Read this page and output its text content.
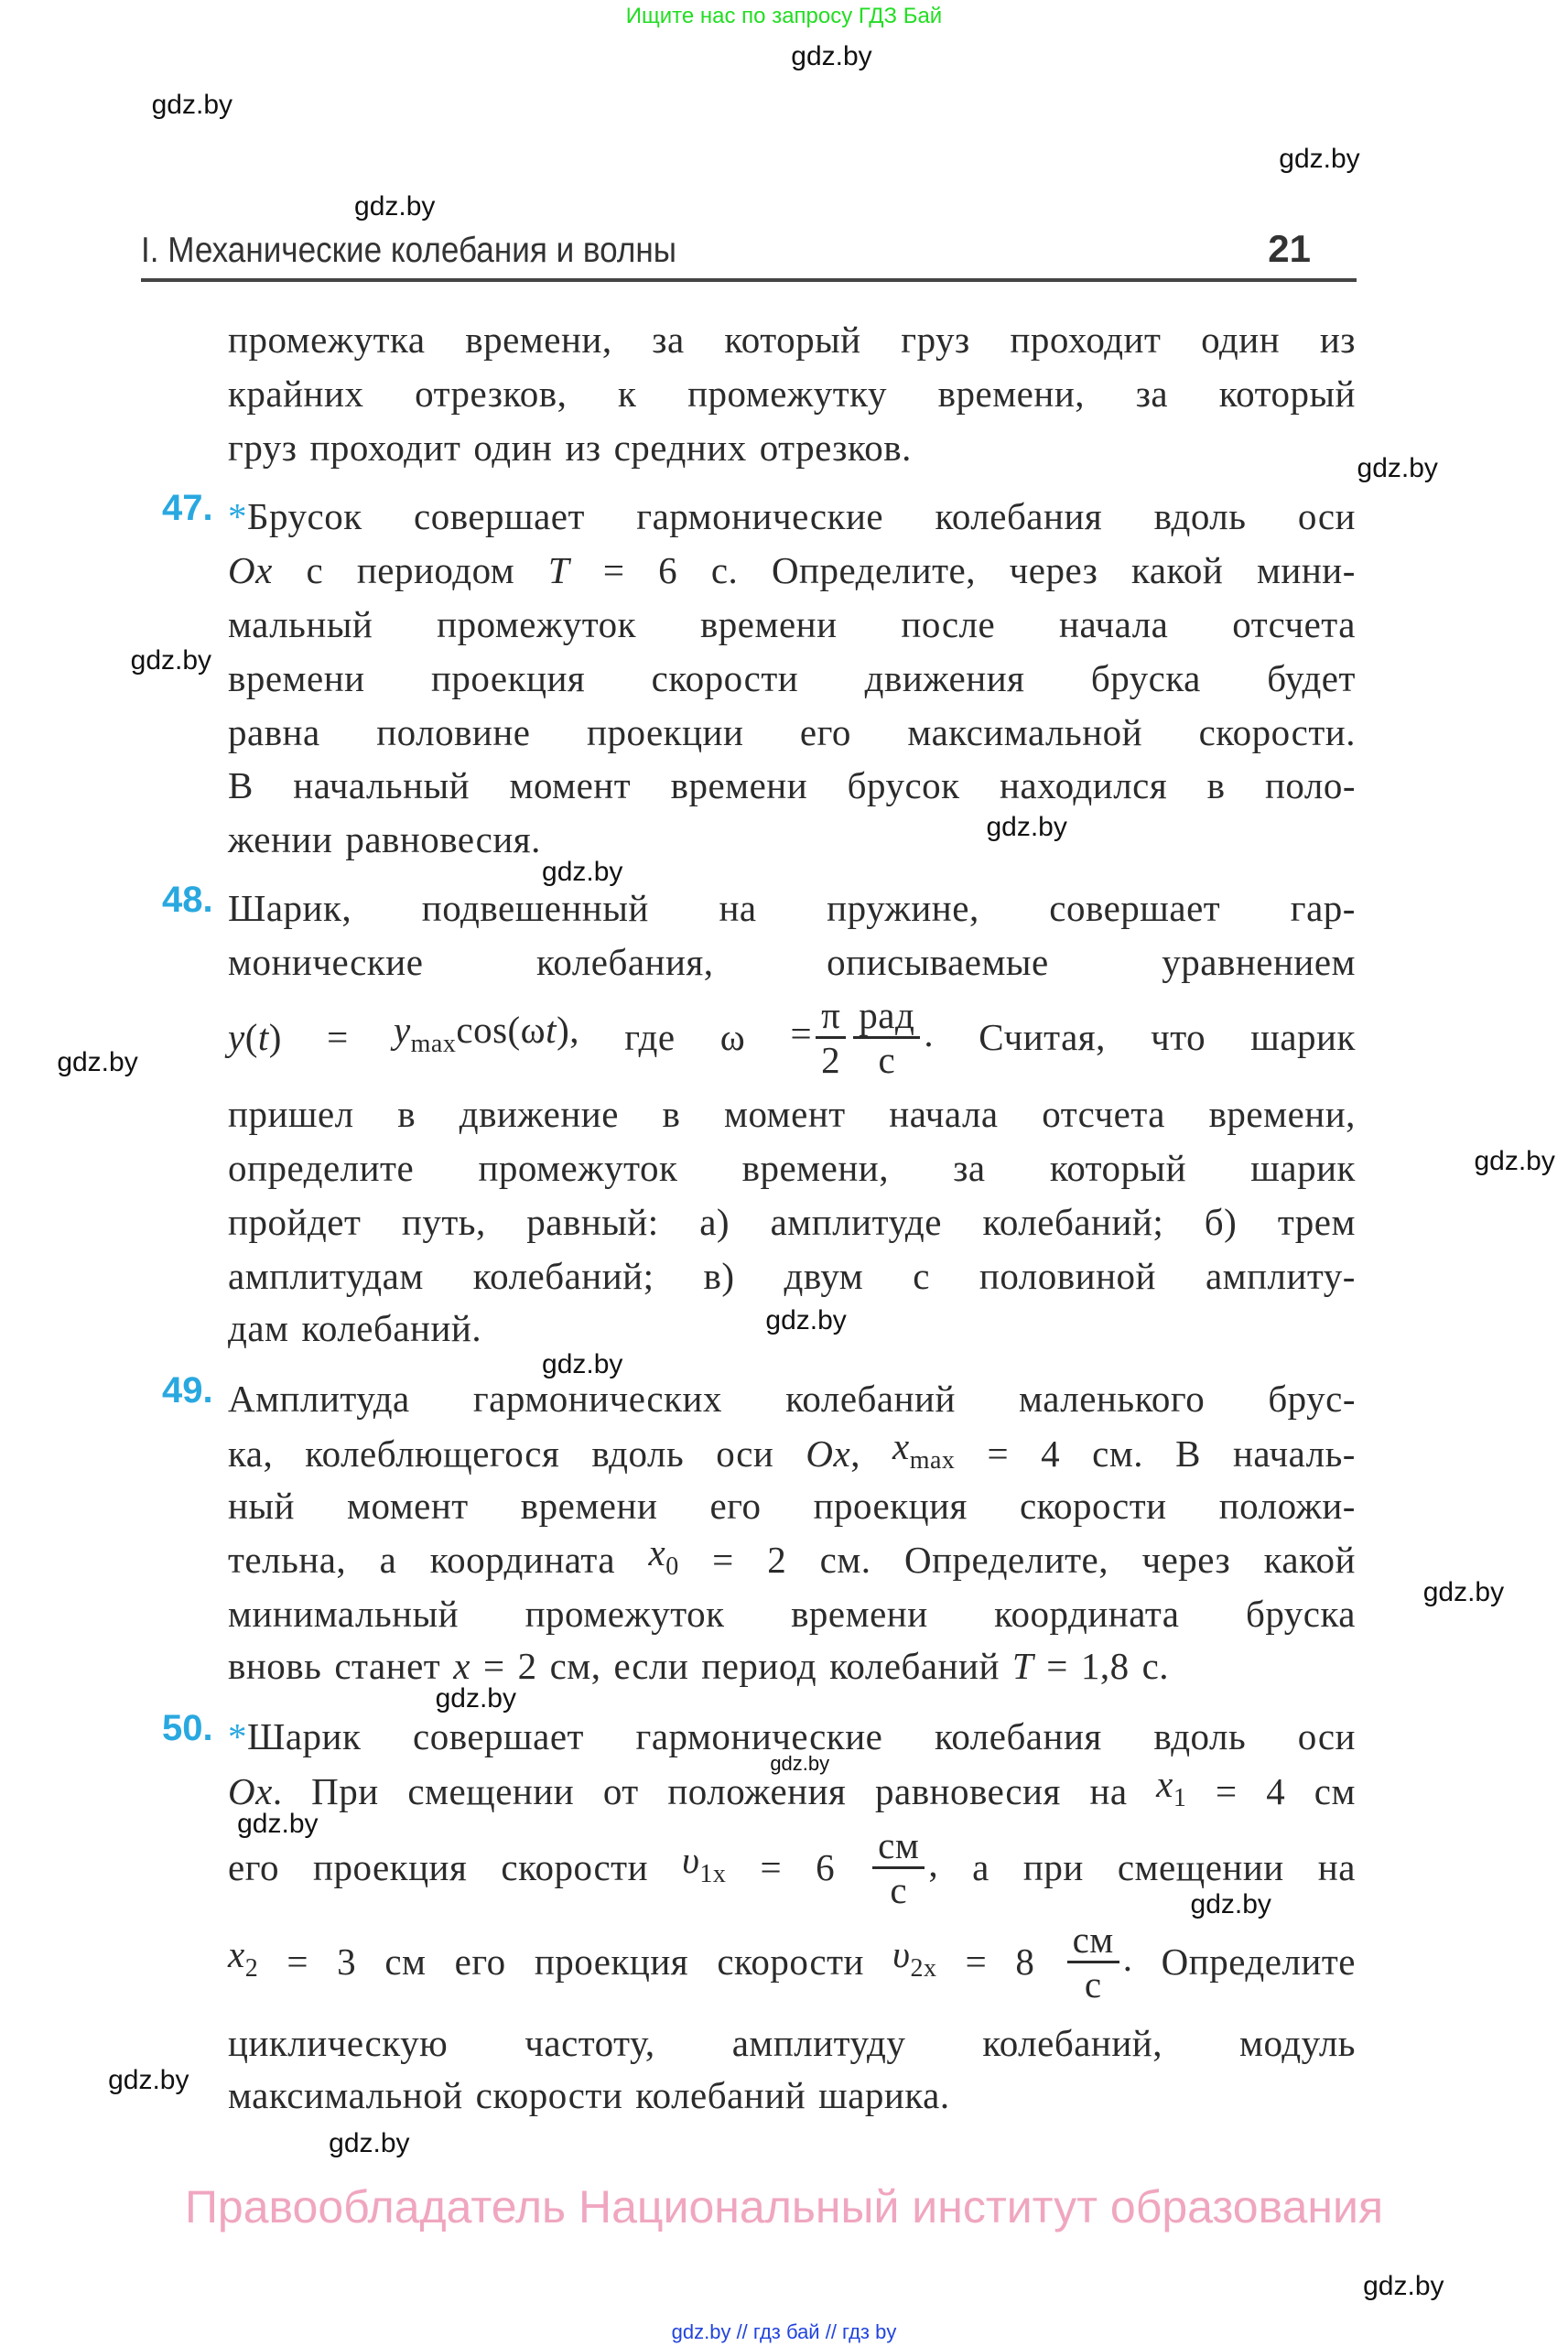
Ищите нас по запросу ГДЗ Бай
I. Механические колебания и волны	21
47.
48.
49.
50.
промежутка времени, за который груз проходит один из
крайних отрезков, к промежутку времени, за который
груз проходит один из средних отрезков.
*Брусок совершает гармонические колебания вдоль оси
Ox с периодом T = 6 с. Определите, через какой мини-
мальный промежуток времени после начала отсчета
времени проекция скорости движения бруска будет
равна половине проекции его максимальной скорости.
В начальный момент времени брусок находился в поло-
жении равновесия.
Шарик, подвешенный на пружине, совершает гар-
монические	колебания,	описываемые	уравнением
$y(t) = y_{max}\cos(\omega t)$, где $\omega = \frac{\pi}{2} \frac{\text{рад}}{с}$ . Считая, что шарик
пришел в движение в момент начала отсчета времени,
определите промежуток времени, за который шарик
пройдет путь, равный: а) амплитуде колебаний; б) трем
амплитудам колебаний; в) двум с половиной амплиту-
дам колебаний.
Амплитуда гармонических колебаний маленького брус-
ка, колеблющегося вдоль оси Ox, $x_{max} = 4$ см. В началь-
ный момент времени его проекция скорости положи-
тельна, а координата $x_0 = 2$ см. Определите, через какой
минимальный промежуток времени координата бруска
вновь станет x = 2 см, если период колебаний T = 1,8 с.
*Шарик совершает гармонические колебания вдоль оси
Ox. При смещении от положения равновесия на $x_1 = 4$ см
его проекция скорости $\upsilon_{1x} = 6 \frac{см}{с}$ , а при смещении на
$x_2 = 3$ см его проекция скорости $\upsilon_{2x} = 8 \frac{см}{с}$ . Определите
циклическую частоту, амплитуду колебаний, модуль
максимальной скорости колебаний шарика.
gdz.by
gdz.by
gdz.by
gdz.by
gdz.by
gdz.by
gdz.by
gdz.by
gdz.by
gdz.by
gdz.by
gdz.by
gdz.by
gdz.by
gdz.by
gdz.by
gdz.by
gdz.by
gdz.by
gdz.by
Правообладатель Национальный институт образования
gdz.by // гдз бай // гдз by
